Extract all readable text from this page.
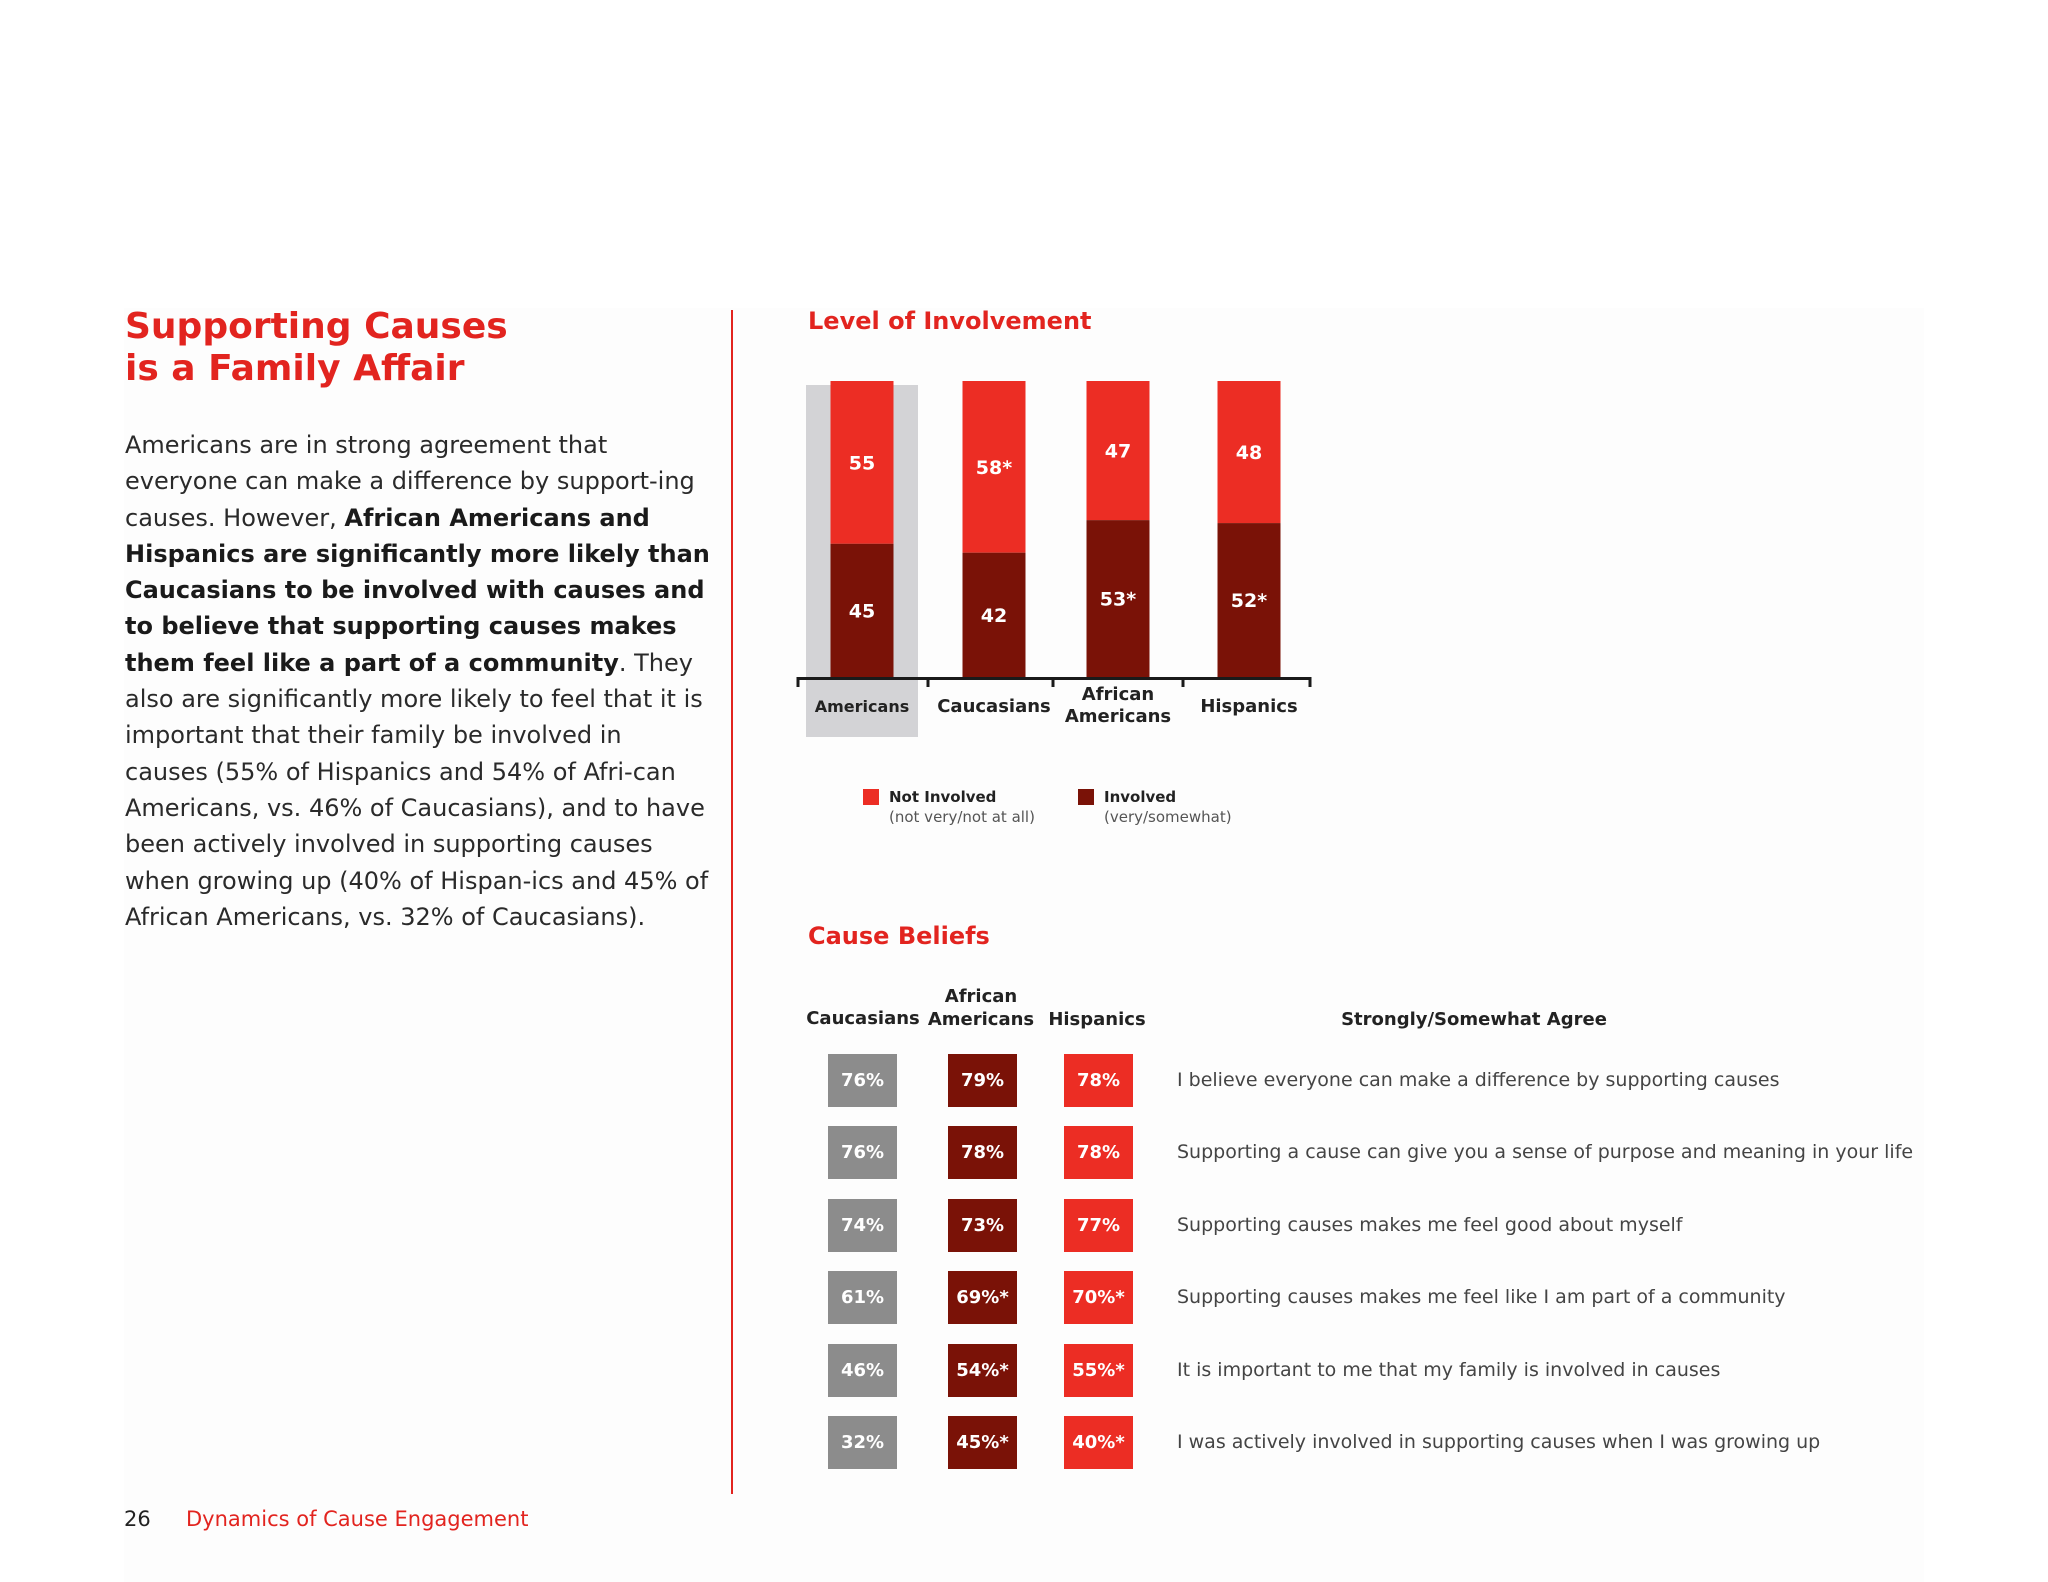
Supporting Causes
is a Family Affair

Americans are in strong agreement that everyone can make a difference by support-ing causes. However, African Americans and Hispanics are significantly more likely than Caucasians to be involved with causes and to believe that supporting causes makes them feel like a part of a community. They also are significantly more likely to feel that it is important that their family be involved in causes (55% of Hispanics and 54% of Afri-can Americans, vs. 46% of Caucasians), and to have been actively involved in supporting causes when growing up (40% of Hispan-ics and 45% of African Americans, vs. 32% of Caucasians).

26 Dynamics of Cause Engagement
Level of Involvement
55
45
58*
42
47
53*
48
52*
Americans Caucasians
African
Americans Hispanics
Not Involved
(not very/not at all)
Involved
(very/somewhat)
Cause Beliefs
Caucasians
African
Americans Hispanics	Strongly/Somewhat Agree
76%	79%	78%	I believe everyone can make a difference by supporting causes
76%	78%	78%	Supporting a cause can give you a sense of purpose and meaning in your life
74%	73%	77%	Supporting causes makes me feel good about myself
61%	69%*	70%*	Supporting causes makes me feel like I am part of a community
46%	54%*	55%*	It is important to me that my family is involved in causes
32%	45%*	40%*	I was actively involved in supporting causes when I was growing up
